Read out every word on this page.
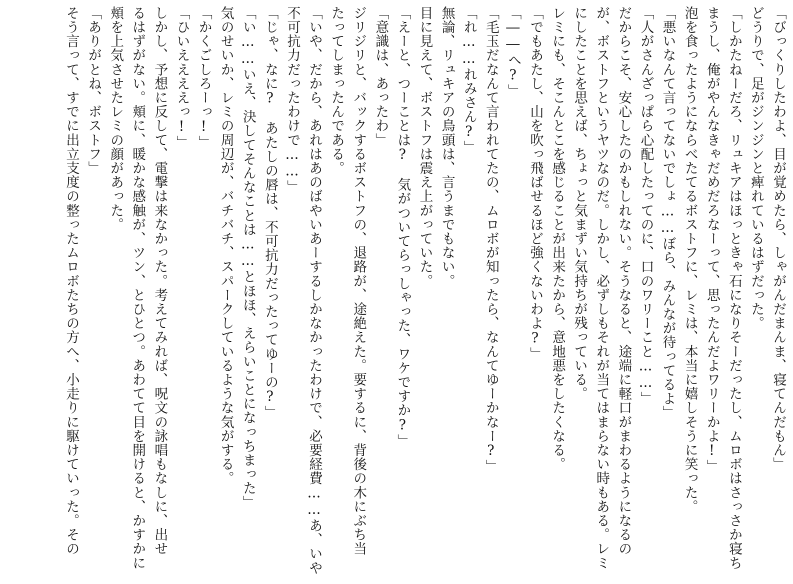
「びっくりしたわよ、目が覚めたら、しゃがんだまんま、寝てんだもん」
どうりで、足がジンジンと痺れているはずだった。
「しかたねーだろ、リュキアはほっときゃ石になりそーだったし、ムロボはさっさか寝ち
まうし、俺がやんなきゃだめだろなーって、思ったんだよワリーかよ!」
泡を食ったようにならべたてるボストフに、レミは、本当に嬉しそうに笑った。
「悪いなんて言ってないでしょ……ぼら、みんなが待ってるよ」
「人がさんざっぱら心配したってのに、口のワリーこと……」
だからこそ、安心したのかもしれない。そうなると、途端に軽口がまわるようになるの
が、ボストフというヤツなのだ。しかし、必ずしもそれが当てはまらない時もある。レミ
にしたことを思えば、ちょっと気まずい気持ちが残っている。
レミにも、そこんとこを感じることが出来たから、意地悪をしたくなる。
「でもあたし、山を吹っ飛ばせるほど強くないわよ?」
「――へ?」
「毛玉だなんて言われてたの、ムロボが知ったら、なんてゆーかなー?」
「れ……れみさん?」
無論、リュキアの鳥頭は、言うまでもない。
目に見えて、ボストフは震え上がっていた。
「えーと、つーことは?　気がついてらっしゃった、ワケですか?」
「意識は、あったわ」
ジリジリと、バックするボストフの、退路が、途絶えた。要するに、背後の木にぶち当
たってしまったんである。
「いや、だから、あれはあのばやいあーするしかなかったわけで、必要経費……あ、いや
不可抗力だったわけで……」
「じゃ、なに?　あたしの唇は、不可抗力だったってゆーの?」
「い……いえ、決してそんなことは……とほほ、えらいことになっちまった」
気のせいか、レミの周辺が、バチバチ、スパークしているような気がする。
「かくごしろーっ!」
「ひいええええっ!」
しかし、予想に反して、電撃は来なかった。考えてみれば、呪文の詠唱もなしに、出せ
るはずがない。頬に、暖かな感触が、ツン、とひとつ。あわてて目を開けると、かすかに
頬を上気させたレミの顔があった。
「ありがとね、ボストフ」
そう言って、すでに出立支度の整ったムロボたちの方へ、小走りに駆けていった。その
